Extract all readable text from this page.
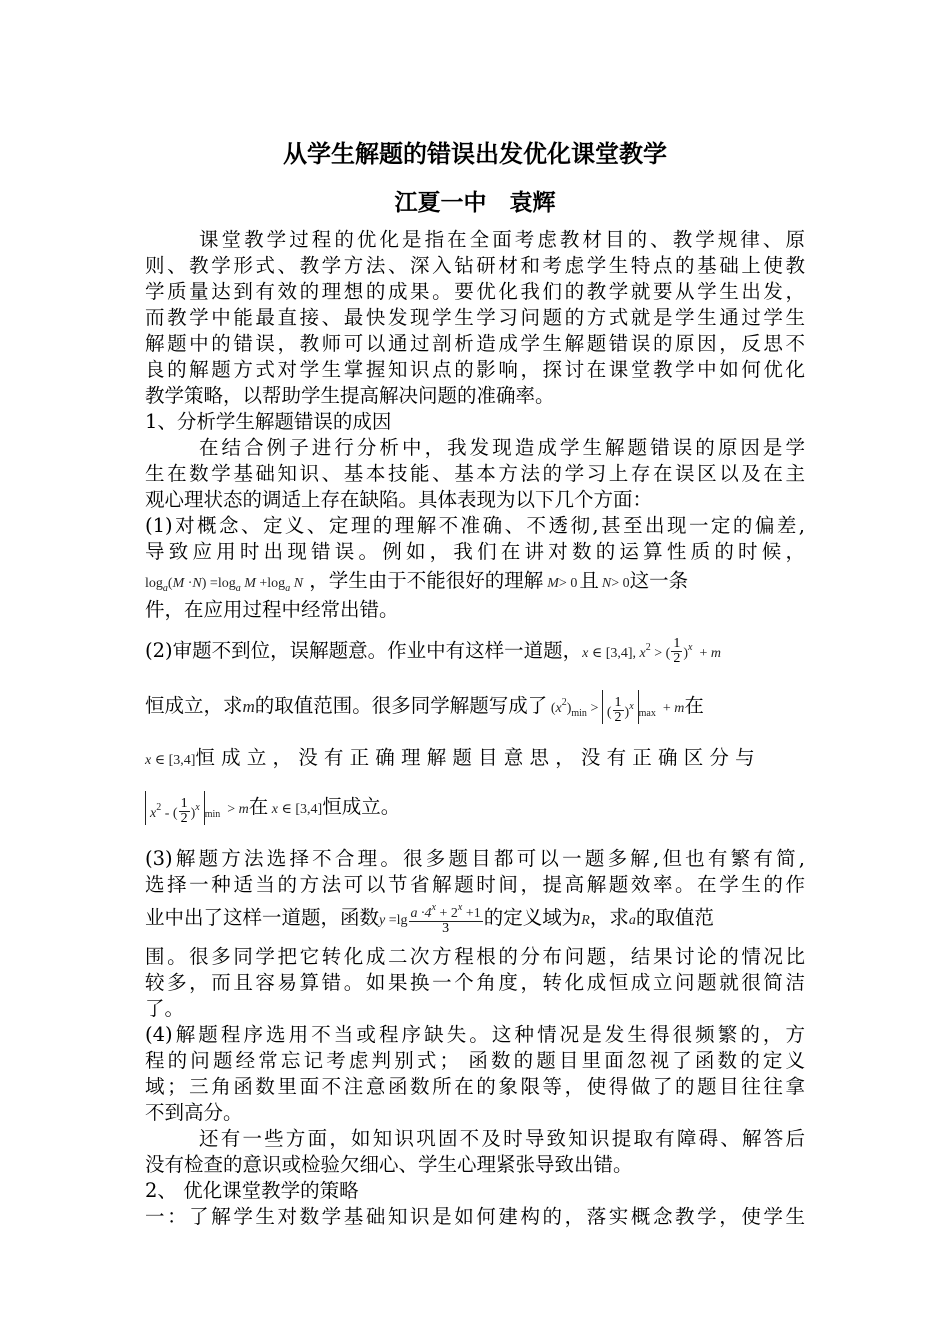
从学生解题的错误出发优化课堂教学
江夏一中　袁辉
课堂教学过程的优化是指在全面考虑教材目的、教学规律、原
则、教学形式、教学方法、深入钻研材和考虑学生特点的基础上使教
学质量达到有效的理想的成果。要优化我们的教学就要从学生出发，
而教学中能最直接、最快发现学生学习问题的方式就是学生通过学生
解题中的错误，教师可以通过剖析造成学生解题错误的原因，反思不
良的解题方式对学生掌握知识点的影响，探讨在课堂教学中如何优化
教学策略，以帮助学生提高解决问题的准确率。
1、分析学生解题错误的成因
在结合例子进行分析中，我发现造成学生解题错误的原因是学
生在数学基础知识、基本技能、基本方法的学习上存在误区以及在主
观心理状态的调适上存在缺陷。具体表现为以下几个方面：
(1)对概念、定义、定理的理解不准确、不透彻,甚至出现一定的偏差,
导致应用时出现错误。例如，我们在讲对数的运算性质的时候，
$\log_a(M \cdot N) =\log_a$ $M +\log_a$ N ，学生由于不能很好的理解 M> 0 且 N> 0这一条
件，在应用过程中经常出错。
(2)审题不到位，误解题意。作业中有这样一道题，x ∈ [3,4], $x^2$ > ( $\frac{1}{2} )^x + m$
恒成立，求m的取值范围。很多同学解题写成了 $(x^2)_{min}$ > ( $\frac{1}{2} )^x_{max} + m$在
x ∈ [3,4]恒 成 立 ， 没 有 正 确 理 解 题 目 意 思 ， 没 有 正 确 区 分 与
$x^2$ - ( $\frac{1}{2} )^x_{min} > m$在 x ∈ [3,4]恒成立。
(3)解题方法选择不合理。很多题目都可以一题多解,但也有繁有简,
选择一种适当的方法可以节省解题时间，提高解题效率。在学生的作
业中出了这样一道题，函数$y =\lg \frac{a \cdot 4^x + 2^x +1}{3}$ 的定义域为R，求a的取值范
围。很多同学把它转化成二次方程根的分布问题，结果讨论的情况比
较多，而且容易算错。如果换一个角度，转化成恒成立问题就很简洁
了。
(4)解题程序选用不当或程序缺失。这种情况是发生得很频繁的，方
程的问题经常忘记考虑判别式； 函数的题目里面忽视了函数的定义
域；三角函数里面不注意函数所在的象限等，使得做了的题目往往拿
不到高分。
还有一些方面，如知识巩固不及时导致知识提取有障碍、解答后
没有检查的意识或检验欠细心、学生心理紧张导致出错。
2、 优化课堂教学的策略
一：了解学生对数学基础知识是如何建构的，落实概念教学，使学生
